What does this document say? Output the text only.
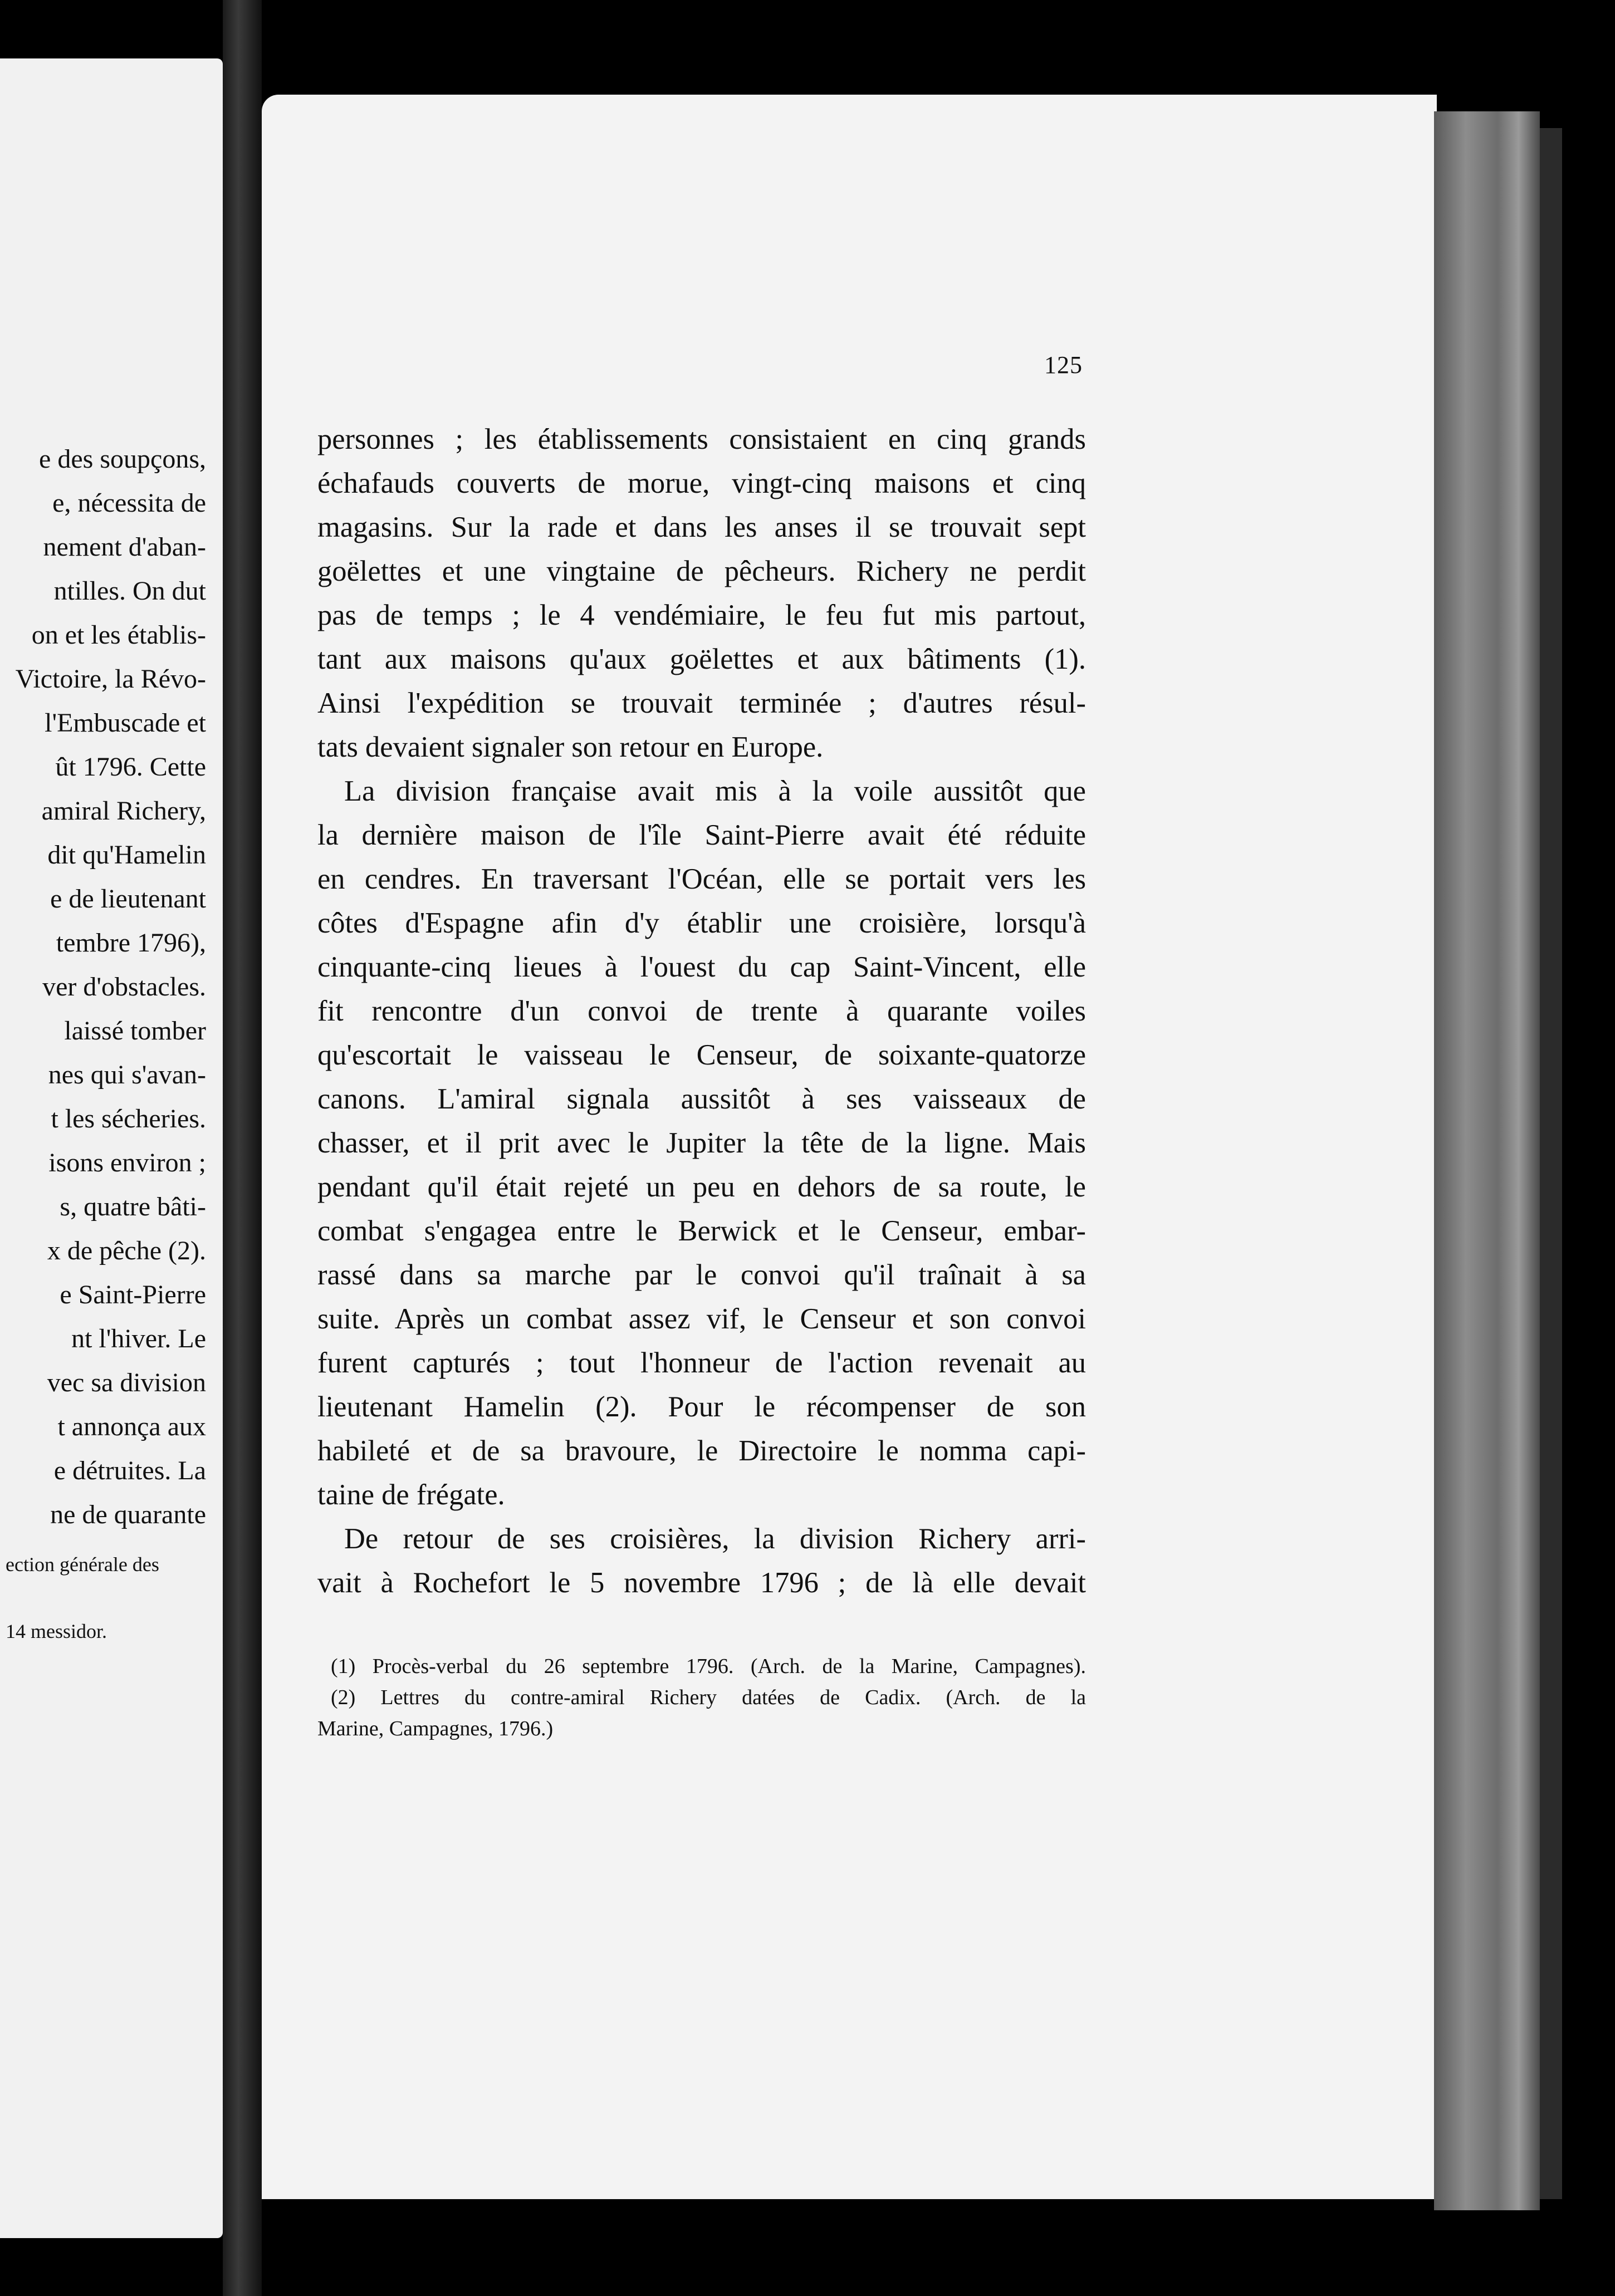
e des soupçons,
e, nécessita de
nement d'aban-
ntilles. On dut
on et les établis-
Victoire, la Révo-
l'Embuscade et
ût 1796. Cette
amiral Richery,
dit qu'Hamelin
e de lieutenant
tembre 1796),
ver d'obstacles.
laissé tomber
nes qui s'avan-
t les sécheries.
isons environ ;
s, quatre bâti-
x de pêche (2).
e Saint-Pierre
nt l'hiver. Le
vec sa division
t annonça aux
e détruites. La
ne de quarante
ection générale des
14 messidor.
125
personnes ; les établissements consistaient en cinq grands
échafauds couverts de morue, vingt-cinq maisons et cinq
magasins. Sur la rade et dans les anses il se trouvait sept
goëlettes et une vingtaine de pêcheurs. Richery ne perdit
pas de temps ; le 4 vendémiaire, le feu fut mis partout,
tant aux maisons qu'aux goëlettes et aux bâtiments (1).
Ainsi l'expédition se trouvait terminée ; d'autres résul-
tats devaient signaler son retour en Europe.
La division française avait mis à la voile aussitôt que
la dernière maison de l'île Saint-Pierre avait été réduite
en cendres. En traversant l'Océan, elle se portait vers les
côtes d'Espagne afin d'y établir une croisière, lorsqu'à
cinquante-cinq lieues à l'ouest du cap Saint-Vincent, elle
fit rencontre d'un convoi de trente à quarante voiles
qu'escortait le vaisseau le Censeur, de soixante-quatorze
canons. L'amiral signala aussitôt à ses vaisseaux de
chasser, et il prit avec le Jupiter la tête de la ligne. Mais
pendant qu'il était rejeté un peu en dehors de sa route, le
combat s'engagea entre le Berwick et le Censeur, embar-
rassé dans sa marche par le convoi qu'il traînait à sa
suite. Après un combat assez vif, le Censeur et son convoi
furent capturés ; tout l'honneur de l'action revenait au
lieutenant Hamelin (2). Pour le récompenser de son
habileté et de sa bravoure, le Directoire le nomma capi-
taine de frégate.
De retour de ses croisières, la division Richery arri-
vait à Rochefort le 5 novembre 1796 ; de là elle devait
(1) Procès-verbal du 26 septembre 1796. (Arch. de la Marine, Campagnes).
(2) Lettres du contre-amiral Richery datées de Cadix. (Arch. de la
Marine, Campagnes, 1796.)
